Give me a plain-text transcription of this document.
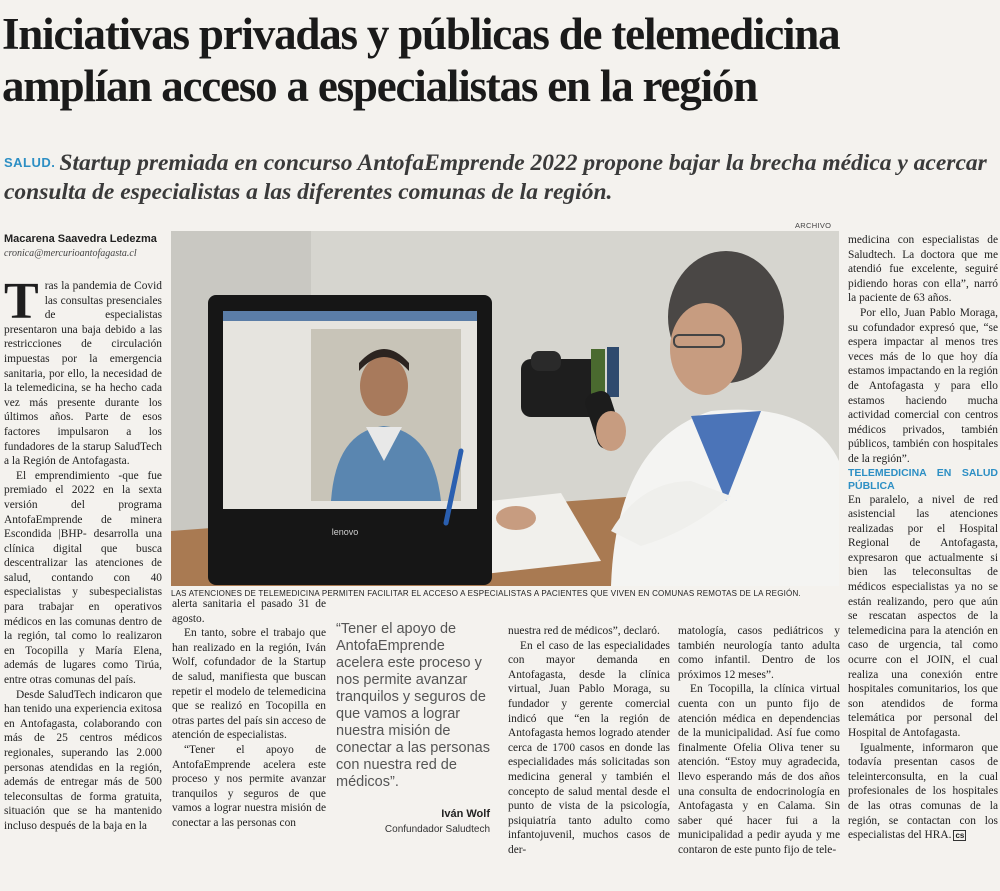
Iniciativas privadas y públicas de telemedicina amplían acceso a especialistas en la región

SALUD. Startup premiada en concurso AntofaEmprende 2022 propone bajar la brecha médica y acercar consulta de especialistas a las diferentes comunas de la región.

Macarena Saavedra Ledezma
cronica@mercurioantofagasta.cl

Tras la pandemia de Covid las consultas presenciales de especialistas presentaron una baja debido a las restricciones de circulación impuestas por la emergencia sanitaria, por ello, la necesidad de la telemedicina, se ha hecho cada vez más presente durante los últimos años. Parte de esos factores impulsaron a los fundadores de la starup SaludTech a la Región de Antofagasta.

El emprendimiento -que fue premiado el 2022 en la sexta versión del programa AntofaEmprende de minera Escondida |BHP- desarrolla una clínica digital que busca descentralizar las atenciones de salud, contando con 40 especialistas y subespecialistas para trabajar en operativos médicos en las comunas dentro de la región, tal como lo realizaron en Tocopilla y María Elena, además de lugares como Tirúa, entre otras comunas del país.

Desde SaludTech indicaron que han tenido una experiencia exitosa en Antofagasta, colaborando con más de 25 centros médicos regionales, superando las 2.000 personas atendidas en la región, además de entregar más de 500 teleconsultas de forma gratuita, situación que se ha mantenido incluso después de la baja en la

ARCHIVO
lenovo
LAS ATENCIONES DE TELEMEDICINA PERMITEN FACILITAR EL ACCESO A ESPECIALISTAS A PACIENTES QUE VIVEN EN COMUNAS REMOTAS DE LA REGIÓN.

alerta sanitaria el pasado 31 de agosto.

En tanto, sobre el trabajo que han realizado en la región, Iván Wolf, cofundador de la Startup de salud, manifiesta que buscan repetir el modelo de telemedicina que se realizó en Tocopilla en otras partes del país sin acceso de atención de especialistas.

“Tener el apoyo de AntofaEmprende acelera este proceso y nos permite avanzar tranquilos y seguros de que vamos a lograr nuestra misión de conectar a las personas con

“Tener el apoyo de AntofaEmprende acelera este proceso y nos permite avanzar tranquilos y seguros de que vamos a lograr nuestra misión de conectar a las personas con nuestra red de médicos”.
Iván Wolf
Confundador Saludtech

nuestra red de médicos”, declaró.

En el caso de las especialidades con mayor demanda en Antofagasta, desde la clínica virtual, Juan Pablo Moraga, su fundador y gerente comercial indicó que “en la región de Antofagasta hemos logrado atender cerca de 1700 casos en donde las especialidades más solicitadas son medicina general y también el concepto de salud mental desde el punto de vista de la psicología, psiquiatría tanto adulto como infantojuvenil, muchos casos de der-

matología, casos pediátricos y también neurología tanto adulta como infantil. Dentro de los próximos 12 meses”.

En Tocopilla, la clínica virtual cuenta con un punto fijo de atención médica en dependencias de la municipalidad. Así fue como finalmente Ofelia Oliva tener su atención. “Estoy muy agradecida, llevo esperando más de dos años una consulta de endocrinología en Antofagasta y en Calama. Sin saber qué hacer fui a la municipalidad a pedir ayuda y me contaron de este punto fijo de tele-

medicina con especialistas de Saludtech. La doctora que me atendió fue excelente, seguiré pidiendo horas con ella”, narró la paciente de 63 años.

Por ello, Juan Pablo Moraga, su cofundador expresó que, “se espera impactar al menos tres veces más de lo que hoy día estamos impactando en la región de Antofagasta y para ello estamos haciendo mucha actividad comercial con centros médicos privados, también públicos, también con hospitales de la región”.

TELEMEDICINA EN SALUD PÚBLICA

En paralelo, a nivel de red asistencial las atenciones realizadas por el Hospital Regional de Antofagasta, expresaron que actualmente si bien las teleconsultas de médicos especialistas ya no se están realizando, pero que aún se rescatan aspectos de la telemedicina para la atención en caso de urgencia, tal como ocurre con el JOIN, el cual realiza una conexión entre hospitales comunitarios, los que son atendidos de forma telemática por personal del Hospital de Antofagasta.

Igualmente, informaron que todavía presentan casos de teleinterconsulta, en la cual profesionales de los hospitales de las otras comunas de la región, se contactan con los especialistas del HRA. cs
